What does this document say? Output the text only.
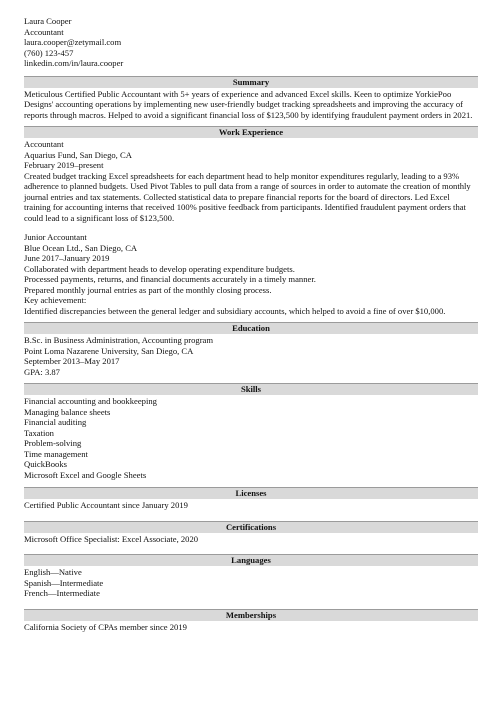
Laura Cooper
Accountant
laura.cooper@zetymail.com
(760) 123-457
linkedin.com/in/laura.cooper
Summary
Meticulous Certified Public Accountant with 5+ years of experience and advanced Excel skills. Keen to optimize YorkiePoo Designs' accounting operations by implementing new user-friendly budget tracking spreadsheets and improving the accuracy of reports through macros. Helped to avoid a significant financial loss of $123,500 by identifying fraudulent payment orders in 2021.
Work Experience
Accountant
Aquarius Fund, San Diego, CA
February 2019–present
Created budget tracking Excel spreadsheets for each department head to help monitor expenditures regularly, leading to a 93% adherence to planned budgets. Used Pivot Tables to pull data from a range of sources in order to automate the creation of monthly journal entries and tax statements. Collected statistical data to prepare financial reports for the board of directors. Led Excel training for accounting interns that received 100% positive feedback from participants. Identified fraudulent payment orders that could lead to a significant loss of $123,500.
Junior Accountant
Blue Ocean Ltd., San Diego, CA
June 2017–January 2019
Collaborated with department heads to develop operating expenditure budgets.
Processed payments, returns, and financial documents accurately in a timely manner.
Prepared monthly journal entries as part of the monthly closing process.
Key achievement:
Identified discrepancies between the general ledger and subsidiary accounts, which helped to avoid a fine of over $10,000.
Education
B.Sc. in Business Administration, Accounting program
Point Loma Nazarene University, San Diego, CA
September 2013–May 2017
GPA: 3.87
Skills
Financial accounting and bookkeeping
Managing balance sheets
Financial auditing
Taxation
Problem-solving
Time management
QuickBooks
Microsoft Excel and Google Sheets
Licenses
Certified Public Accountant since January 2019
Certifications
Microsoft Office Specialist: Excel Associate, 2020
Languages
English—Native
Spanish—Intermediate
French—Intermediate
Memberships
California Society of CPAs member since 2019
